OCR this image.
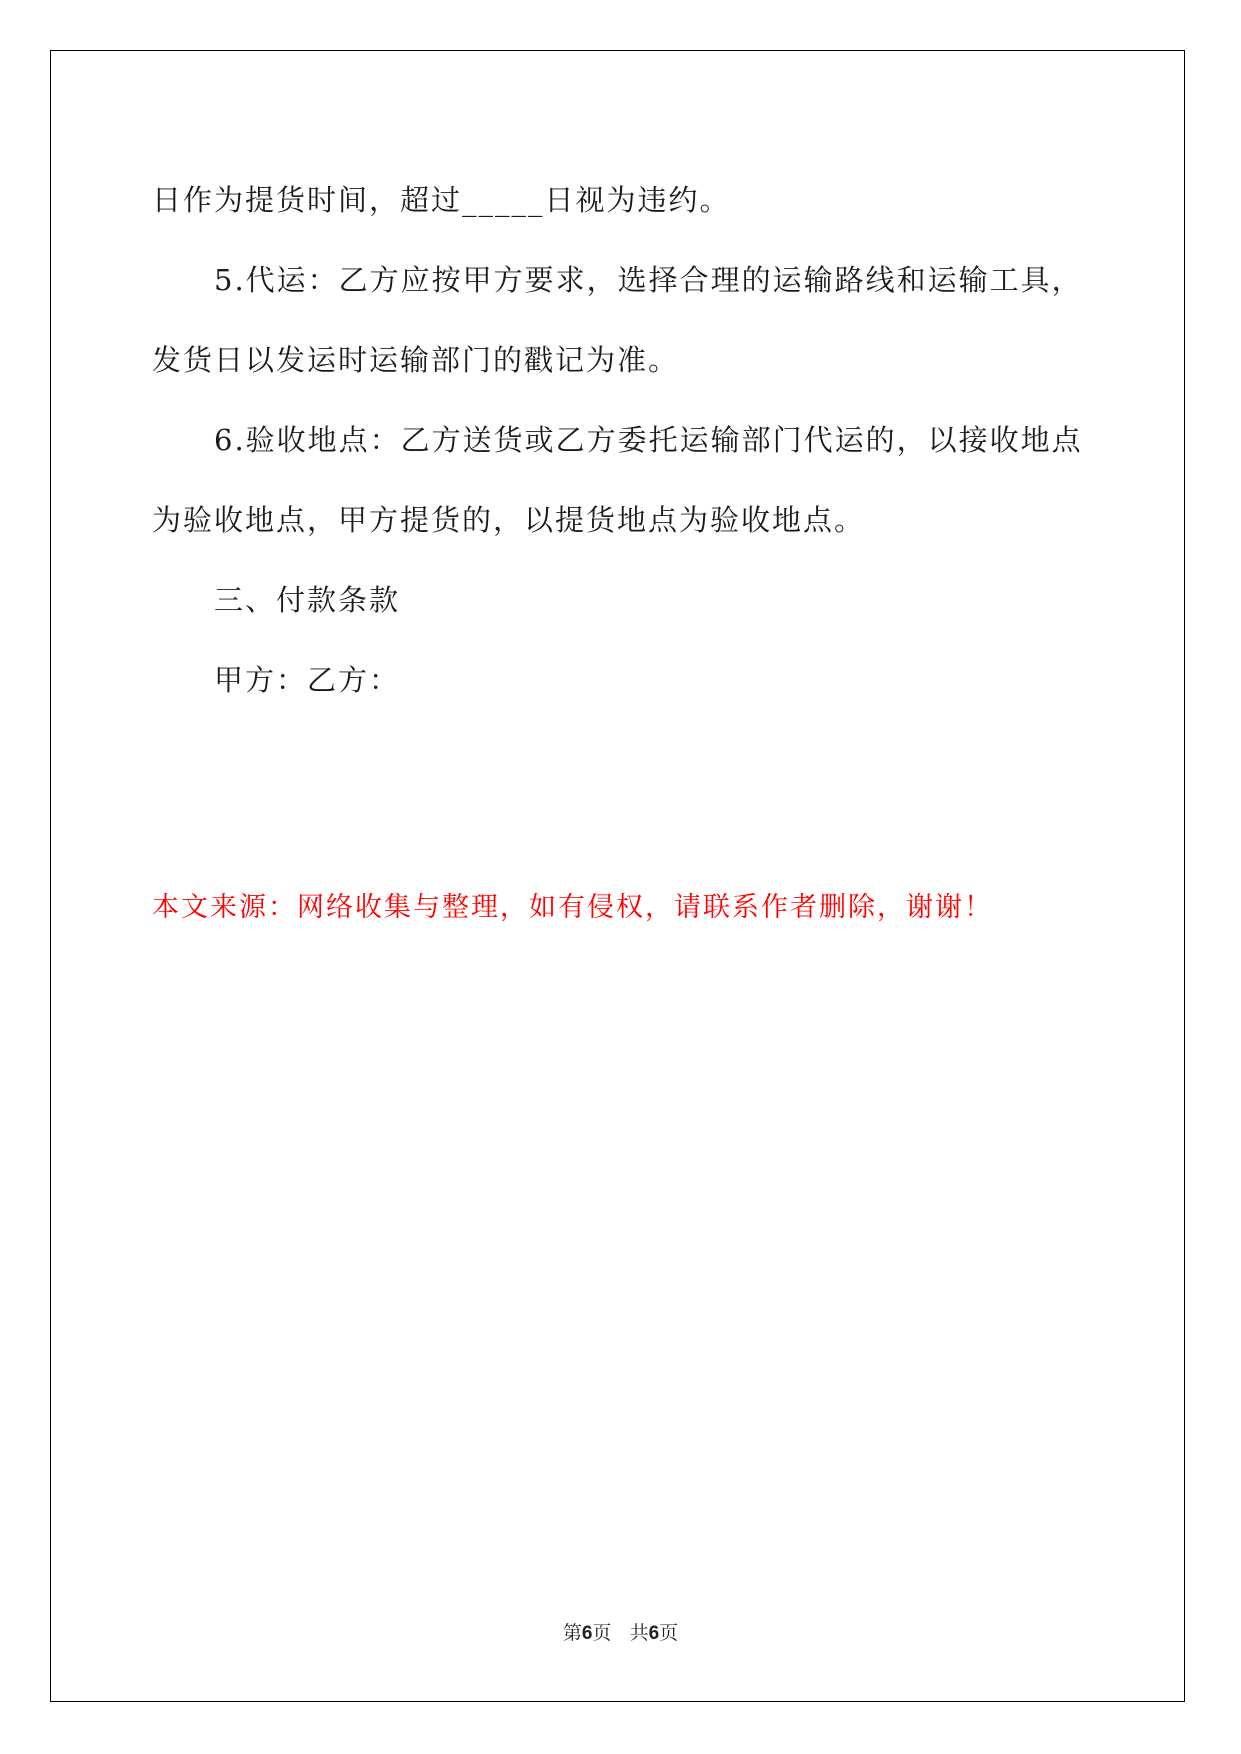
日作为提货时间，超过_____日视为违约。

5.代运：乙方应按甲方要求，选择合理的运输路线和运输工具，

发货日以发运时运输部门的戳记为准。

6.验收地点：乙方送货或乙方委托运输部门代运的，以接收地点

为验收地点，甲方提货的，以提货地点为验收地点。

三、付款条款

甲方：乙方：

本文来源：网络收集与整理，如有侵权，请联系作者删除，谢谢！

第6页 共6页
